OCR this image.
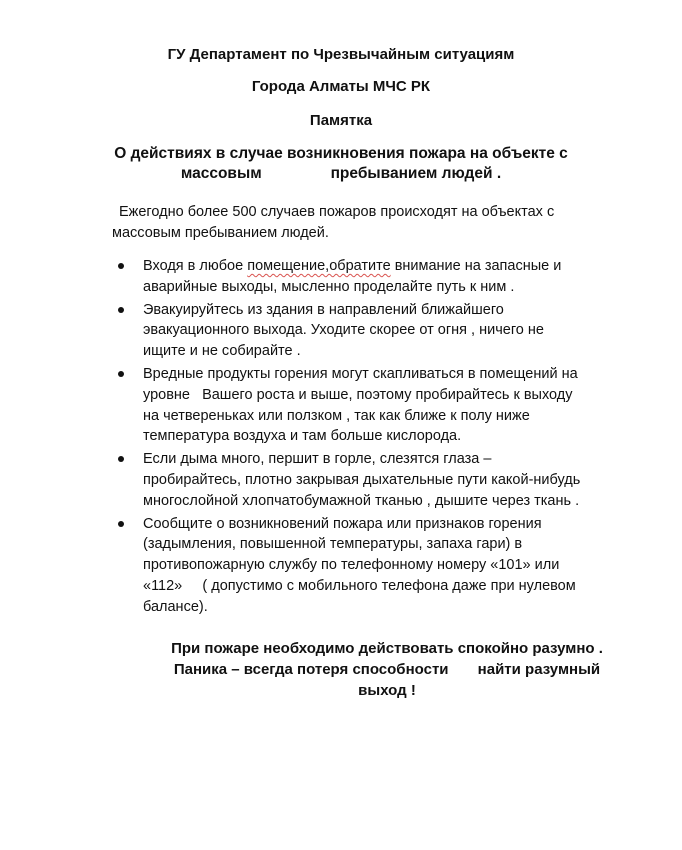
ГУ Департамент по Чрезвычайным ситуациям
Города Алматы МЧС РК
Памятка
О действиях в случае возникновения пожара на объекте с
массовым                пребыванием людей .
Ежегодно более 500 случаев пожаров происходят на объектах с
массовым пребыванием людей.
Входя в любое помещение,обратите внимание на запасные и
аварийные выходы, мысленно проделайте путь к ним .
Эвакуируйтесь из здания в направлений ближайшего
эвакуационного выхода. Уходите скорее от огня , ничего не
ищите и не собирайте .
Вредные продукты горения могут скапливаться в помещений на
уровне   Вашего роста и выше, поэтому пробирайтесь к выходу
на четвереньках или ползком , так как ближе к полу ниже
температура воздуха и там больше кислорода.
Если дыма много, першит в горле, слезятся глаза –
пробирайтесь, плотно закрывая дыхательные пути какой-нибудь
многослойной хлопчатобумажной тканью , дышите через ткань .
Сообщите о возникновений пожара или признаков горения
(задымления, повышенной температуры, запаха гари) в
противопожарную службу по телефонному номеру «101» или
«112»     ( допустимо с мобильного телефона даже при нулевом
балансе).
При пожаре необходимо действовать спокойно разумно .
Паника – всегда потеря способности       найти разумный
выход !
